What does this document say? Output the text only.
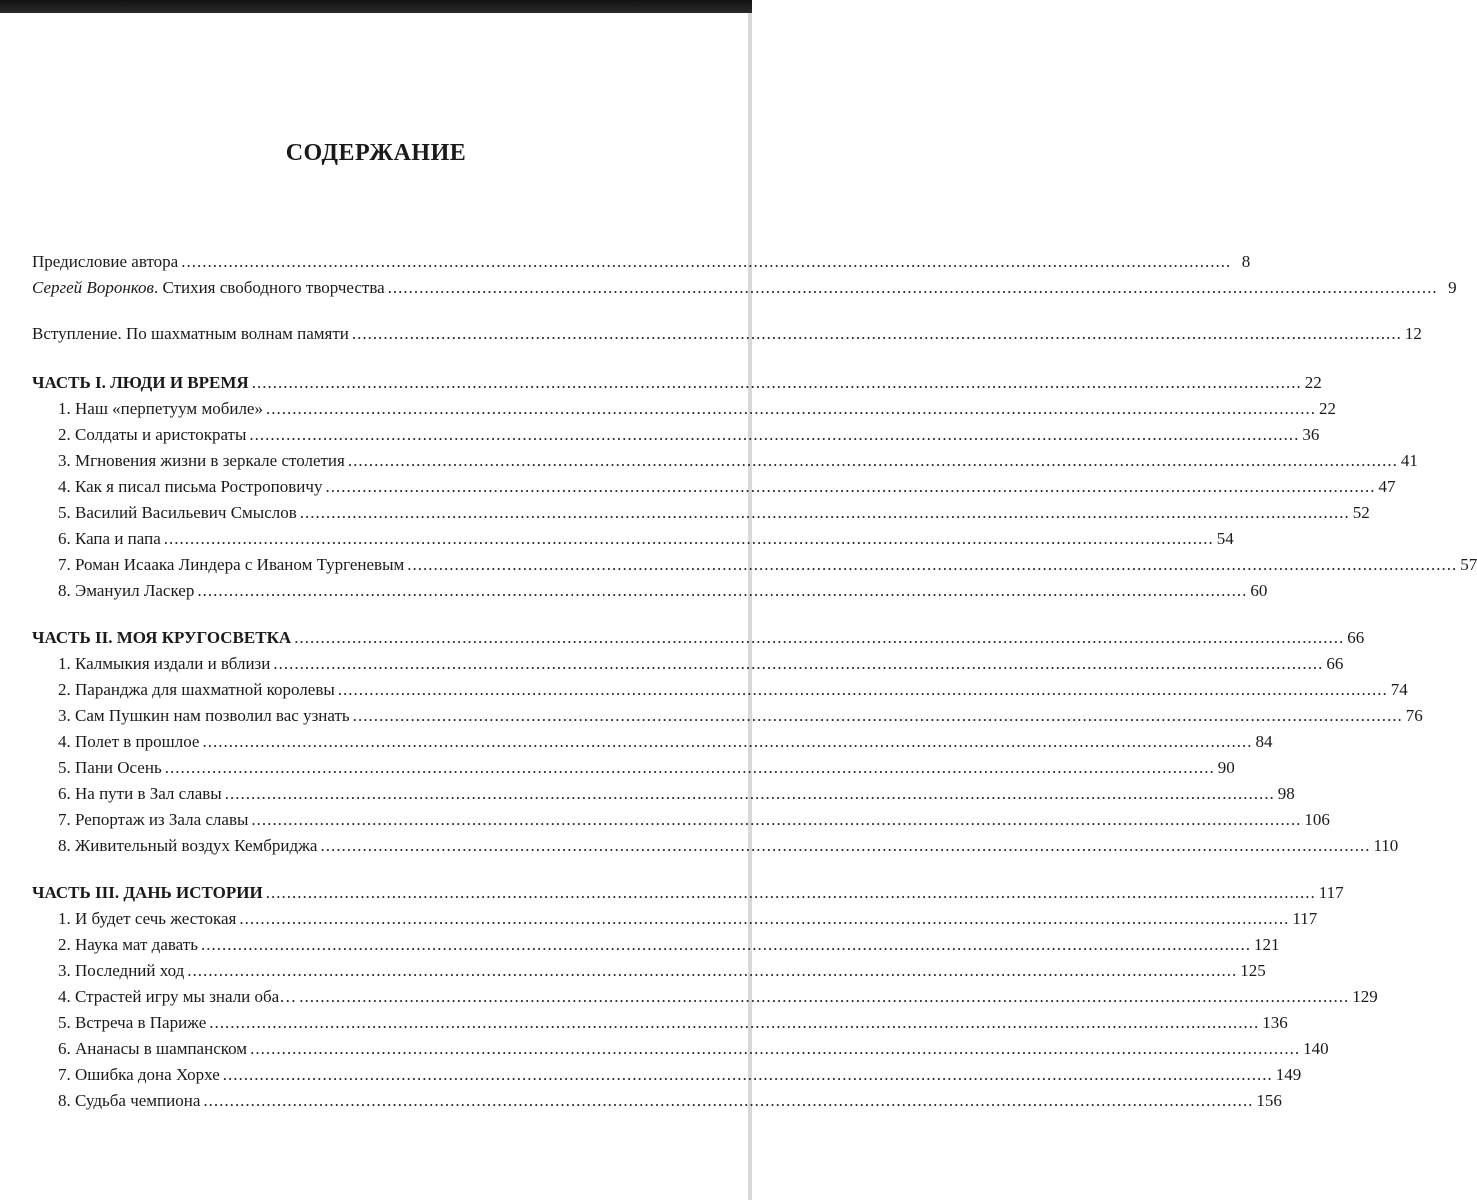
СОДЕРЖАНИЕ
Предисловие автора ........................................................................................................................................................................................................ 8
Сергей Воронков. Стихия свободного творчества ........................................................................................................................................................................................................ 9
Вступление. По шахматным волнам памяти ........................................................................................................................................................................................................ 12
ЧАСТЬ I. ЛЮДИ И ВРЕМЯ ........................................................................................................................................................................................................ 22
1. Наш «перпетуум мобиле» ........................................................................................................................................................................................................ 22
2. Солдаты и аристократы ........................................................................................................................................................................................................ 36
3. Мгновения жизни в зеркале столетия ........................................................................................................................................................................................................ 41
4. Как я писал письма Ростроповичу ........................................................................................................................................................................................................ 47
5. Василий Васильевич Смыслов ........................................................................................................................................................................................................ 52
6. Капа и папа ........................................................................................................................................................................................................ 54
7. Роман Исаака Линдера с Иваном Тургеневым ........................................................................................................................................................................................................ 57
8. Эмануил Ласкер ........................................................................................................................................................................................................ 60
ЧАСТЬ II. МОЯ КРУГОСВЕТКА ........................................................................................................................................................................................................ 66
1. Калмыкия издали и вблизи ........................................................................................................................................................................................................ 66
2. Паранджа для шахматной королевы ........................................................................................................................................................................................................ 74
3. Сам Пушкин нам позволил вас узнать ........................................................................................................................................................................................................ 76
4. Полет в прошлое ........................................................................................................................................................................................................ 84
5. Пани Осень ........................................................................................................................................................................................................ 90
6. На пути в Зал славы ........................................................................................................................................................................................................ 98
7. Репортаж из Зала славы ........................................................................................................................................................................................................ 106
8. Живительный воздух Кембриджа ........................................................................................................................................................................................................ 110
ЧАСТЬ III. ДАНЬ ИСТОРИИ ........................................................................................................................................................................................................ 117
1. И будет сечь жестокая ........................................................................................................................................................................................................ 117
2. Наука мат давать ........................................................................................................................................................................................................ 121
3. Последний ход ........................................................................................................................................................................................................ 125
4. Страстей игру мы знали оба… ........................................................................................................................................................................................................ 129
5. Встреча в Париже ........................................................................................................................................................................................................ 136
6. Ананасы в шампанском ........................................................................................................................................................................................................ 140
7. Ошибка дона Хорхе ........................................................................................................................................................................................................ 149
8. Судьба чемпиона ........................................................................................................................................................................................................ 156
